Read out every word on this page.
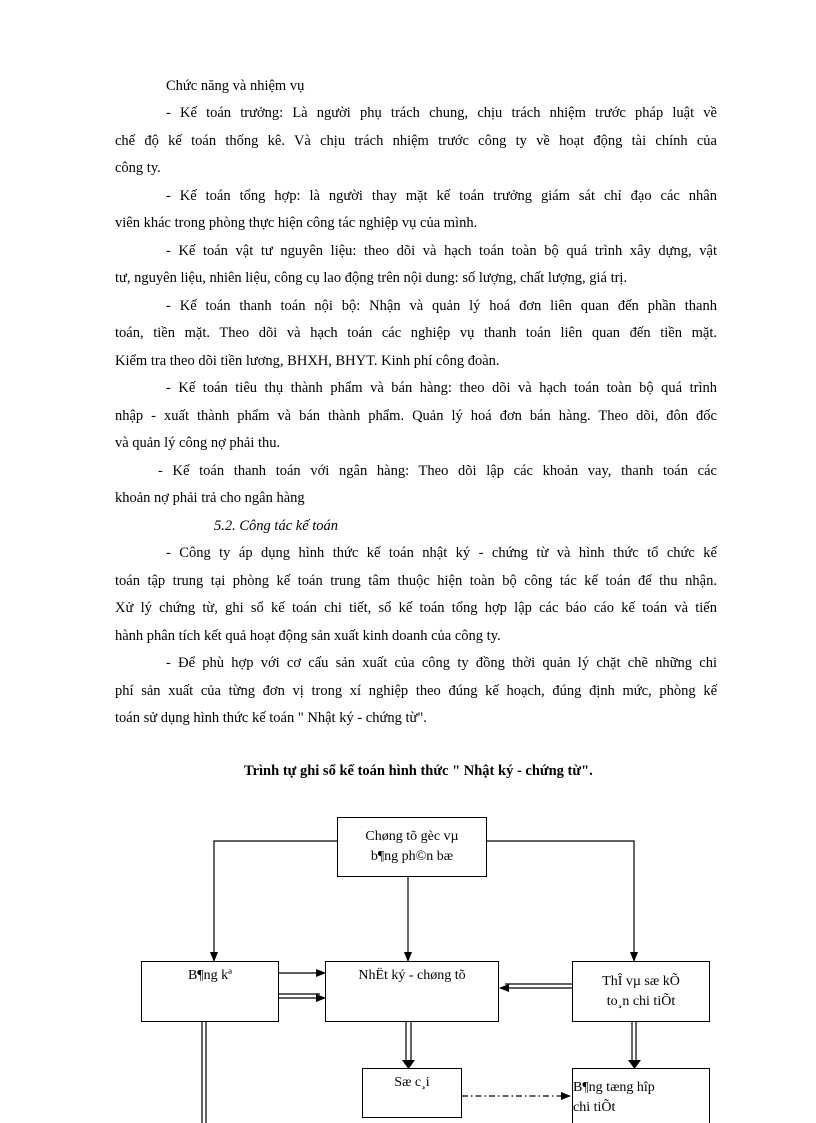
Chức năng và nhiệm vụ
- Kế toán trưởng: Là người phụ trách chung, chịu trách nhiệm trước pháp luật về
chế độ kế toán thống kê. Và chịu trách nhiệm trước công ty về hoạt động tài chính của
công ty.
- Kế toán tổng hợp: là người thay mặt kế toán trưởng giám sát chỉ đạo các nhân
viên khác trong phòng thực hiện công tác nghiệp vụ của mình.
- Kế toán vật tư nguyên liệu: theo dõi và hạch toán toàn bộ quá trình xây dựng, vật
tư, nguyên liệu, nhiên liệu, công cụ lao động trên nội dung: số lượng, chất lượng, giá trị.
- Kế toán thanh toán nội bộ: Nhận và quản lý hoá đơn liên quan đến phần thanh
toán, tiền mặt. Theo dõi và hạch toán các nghiệp vụ thanh toán liên quan đến tiền mặt.
Kiểm tra theo dõi tiền lương, BHXH, BHYT. Kinh phí công đoàn.
- Kế toán tiêu thụ thành phẩm và bán hàng: theo dõi và hạch toán toàn bộ quá trình
nhập - xuất thành phẩm và bán thành phẩm. Quản lý hoá đơn bán hàng. Theo dõi, đôn đốc
và quản lý công nợ phải thu.
- Kế toán thanh toán với ngân hàng: Theo dõi lập các khoản vay, thanh toán các
khoản nợ phải trả cho ngân hàng
5.2. Công tác kế toán
- Công ty áp dụng hình thức kế toán nhật ký - chứng từ và hình thức tổ chức kế
toán tập trung tại phòng kế toán trung tâm thuộc hiện toàn bộ công tác kế toán để thu nhận.
Xử lý chứng từ, ghi sổ kế toán chi tiết, sổ kế toán tổng hợp lập các báo cáo kế toán và tiến
hành phân tích kết quả hoạt động sản xuất kinh doanh của công ty.
- Để phù hợp với cơ cấu sản xuất của công ty đồng thời quản lý chặt chẽ những chi
phí sản xuất của từng đơn vị trong xí nghiệp theo đúng kế hoạch, đúng định mức, phòng kế
toán sử dụng hình thức kế toán " Nhật ký - chứng từ".
Trình tự ghi sổ kế toán hình thức " Nhật ký - chứng từ".
Chøng tõ gèc vµ
b¶ng ph©n bæ
B¶ng kª	NhËt ký - chøng tõ	ThÎ vµ sæ kÕ
to¸n chi tiÕt
Sæ c¸i	B¶ng tæng hîp
chi tiÕt
